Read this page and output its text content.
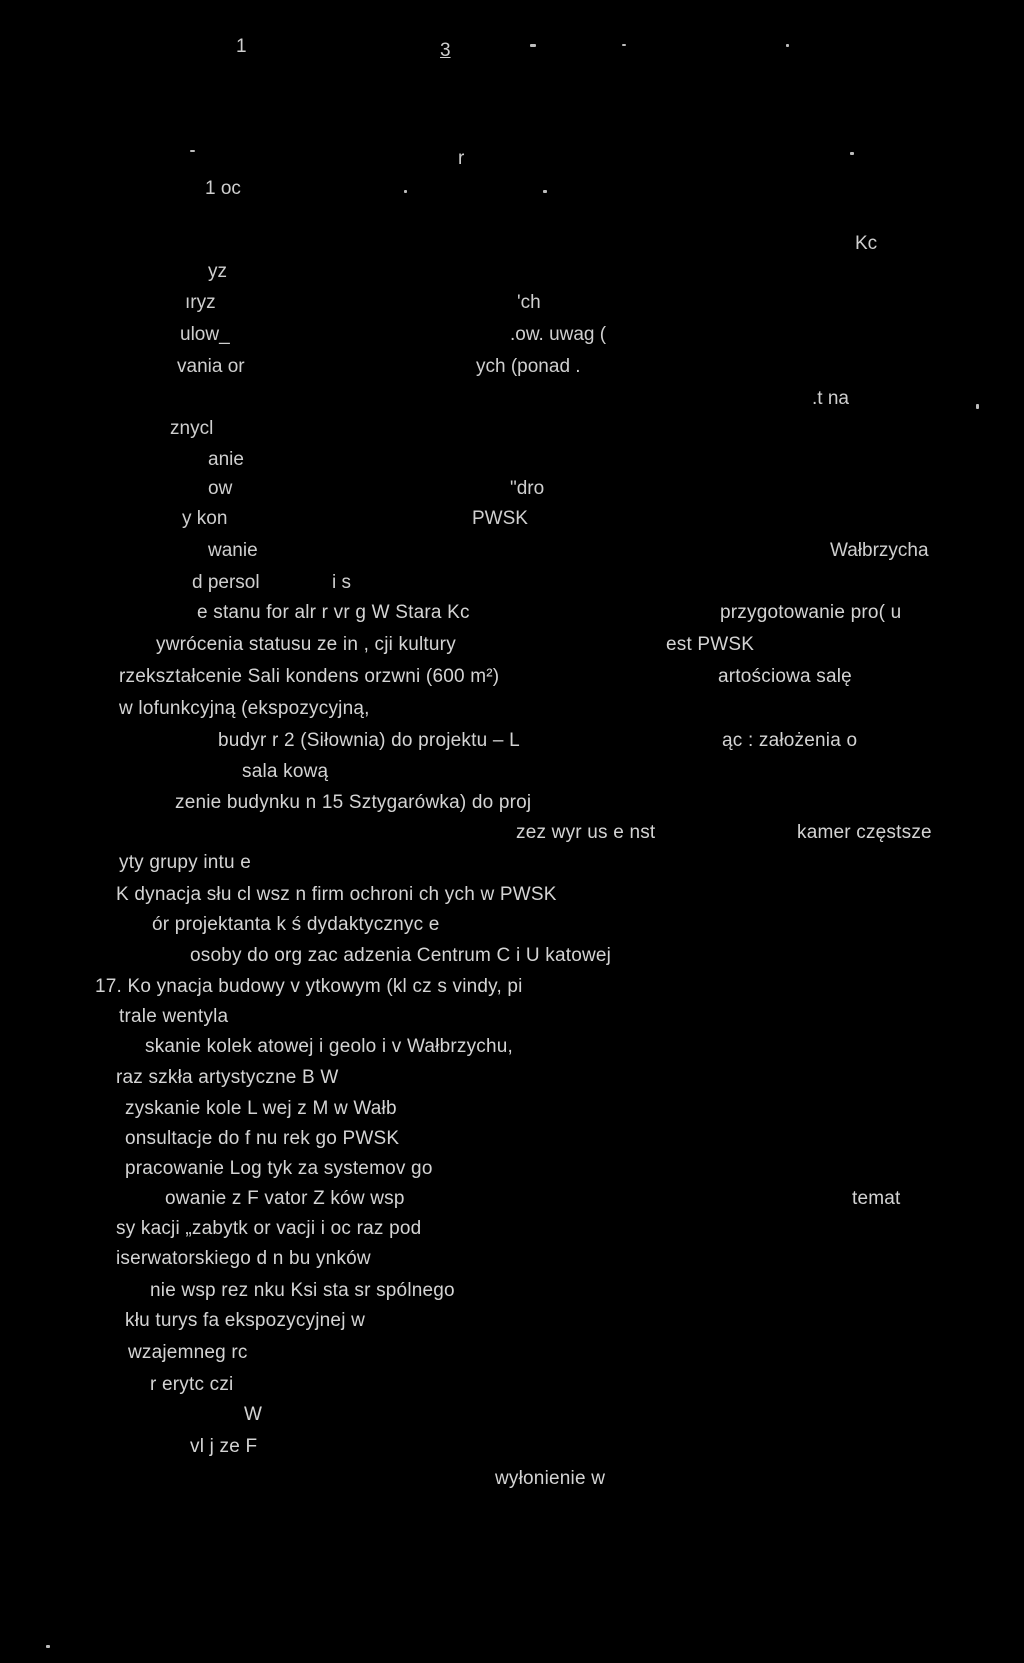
1	3
r
1 oc
Kc
yz
ıryz	'ch
ulow_	.ow. uwag (
vania or	ych (ponad .
.t na
znycl
anie
ow	"dro
y kon	PWSK
wanie	Wałbrzycha
d persol	i s
e stanu for alr r vr g W Stara Kc	przygotowanie pro( u
ywrócenia statusu ze in , cji kultury	est PWSK
rzekształcenie Sali kondens orzwni (600 m²)	artościowa salę
w lofunkcyjną (ekspozycyjną,
budyr r 2 (Siłownia) do projektu – L	ąc : założenia o
sala kową
zenie budynku n 15 Sztygarówka) do proj
zez wyr us e nst	kamer częstsze
yty grupy intu e
K dynacja słu cl wsz n firm ochroni ch ych w PWSK
ór projektanta k ś dydaktycznyc e
osoby do org zac adzenia Centrum C i U katowej
17. Ko ynacja budowy v ytkowym (kl cz s vindy, pi
trale wentyla
skanie kolek atowej i geolo i v Wałbrzychu,
raz szkła artystyczne B W
zyskanie kole L wej z M w Wałb
onsultacje do f nu rek go PWSK
pracowanie Log tyk za systemov go
owanie z F vator Z ków wsp	temat
sy kacji „zabytk or vacji i oc raz pod
iserwatorskiego d n bu ynków
nie wsp rez nku Ksi sta sr spólnego
kłu turys fa ekspozycyjnej w
wzajemneg rc
r erytc czi
W
vl j ze F
wyłonienie w
